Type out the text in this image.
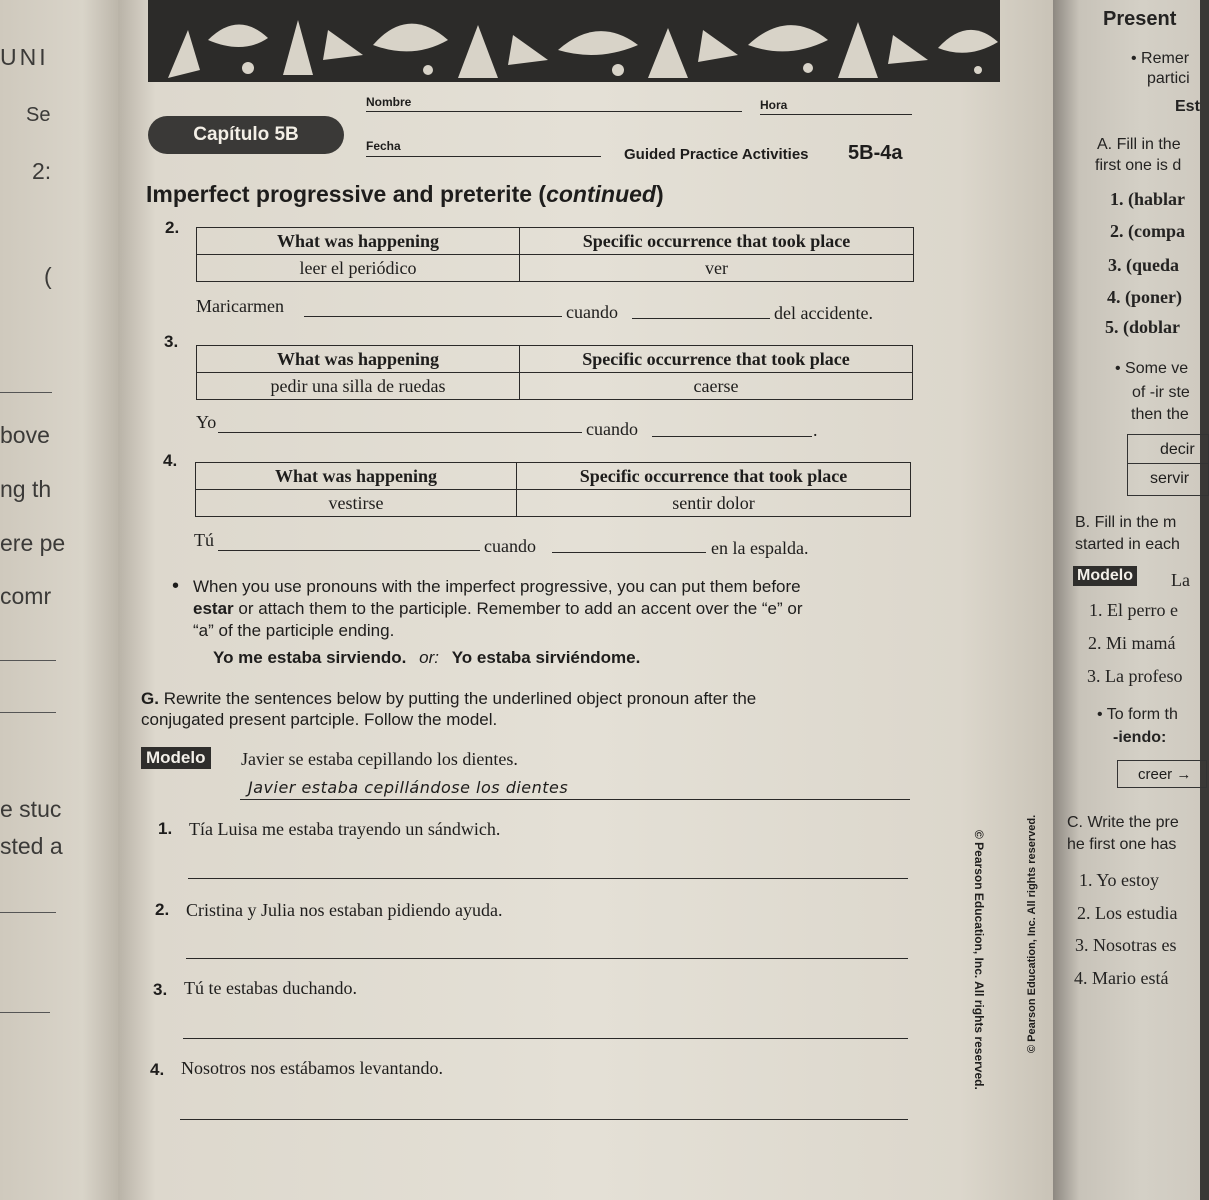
UNI
Se
2:
(
bove
ng th
ere pe
comr
e stuc
sted a
Nombre	Hora
Capítulo 5B
Fecha	Guided Practice Activities 5B-4a
Imperfect progressive and preterite (continued)
2.
What was happening	Specific occurrence that took place
leer el periódico	ver
Maricarmen	cuando	del accidente.
3.
What was happening	Specific occurrence that took place
pedir una silla de ruedas	caerse
Yo	cuando	.
4.
What was happening	Specific occurrence that took place
vestirse	sentir dolor
Tú	cuando	en la espalda.
• When you use pronouns with the imperfect progressive, you can put them before
estar or attach them to the participle. Remember to add an accent over the “e” or
“a” of the participle ending.
Yo me estaba sirviendo. or: Yo estaba sirviéndome.
G. Rewrite the sentences below by putting the underlined object pronoun after the
conjugated present partciple. Follow the model.
Modelo Javier se estaba cepillando los dientes.
Javier estaba cepillándose los dientes
1. Tía Luisa me estaba trayendo un sándwich.
2. Cristina y Julia nos estaban pidiendo ayuda.
3. Tú te estabas duchando.
4. Nosotros nos estábamos levantando.	© Pearson Education, Inc. All rights reserved.
Present
• Remer
partici
Est
A. Fill in the
first one is d
1. (hablar
2. (compa
3. (queda
4. (poner)
5. (doblar
• Some ve
of -ir ste
then the
decir
servir
B. Fill in the m
started in each
Modelo La
1. El perro e
2. Mi mamá
3. La profeso
• To form th
-iendo:
creer →
C. Write the pre
he first one has
1. Yo estoy
2. Los estudia
3. Nosotras es
4. Mario está
© Pearson Education, Inc. All rights reserved.
